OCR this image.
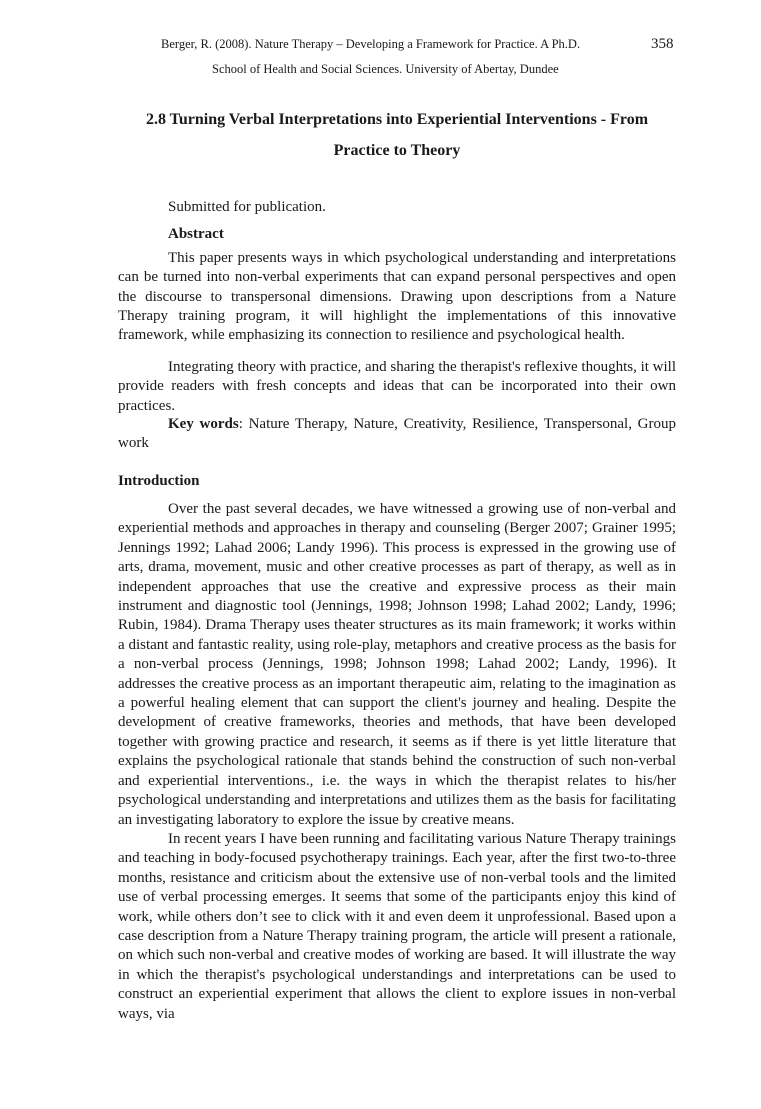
Berger, R. (2008). Nature Therapy – Developing a Framework for Practice. A Ph.D.	358
School of Health and Social Sciences. University of Abertay, Dundee
2.8 Turning Verbal Interpretations into Experiential Interventions - From
Practice to Theory
Submitted for publication.
Abstract

This paper presents ways in which psychological understanding and interpretations can be turned into non-verbal experiments that can expand personal perspectives and open the discourse to transpersonal dimensions. Drawing upon descriptions from a Nature Therapy training program, it will highlight the implementations of this innovative framework, while emphasizing its connection to resilience and psychological health.

Integrating theory with practice, and sharing the therapist's reflexive thoughts, it will provide readers with fresh concepts and ideas that can be incorporated into their own practices.

Key words: Nature Therapy, Nature, Creativity, Resilience, Transpersonal, Group work

Introduction

Over the past several decades, we have witnessed a growing use of non-verbal and experiential methods and approaches in therapy and counseling (Berger 2007; Grainer 1995; Jennings 1992; Lahad 2006; Landy 1996). This process is expressed in the growing use of arts, drama, movement, music and other creative processes as part of therapy, as well as in independent approaches that use the creative and expressive process as their main instrument and diagnostic tool (Jennings, 1998; Johnson 1998; Lahad 2002; Landy, 1996; Rubin, 1984). Drama Therapy uses theater structures as its main framework; it works within a distant and fantastic reality, using role-play, metaphors and creative process as the basis for a non-verbal process (Jennings, 1998; Johnson 1998; Lahad 2002; Landy, 1996). It addresses the creative process as an important therapeutic aim, relating to the imagination as a powerful healing element that can support the client's journey and healing. Despite the development of creative frameworks, theories and methods, that have been developed together with growing practice and research, it seems as if there is yet little literature that explains the psychological rationale that stands behind the construction of such non-verbal and experiential interventions., i.e. the ways in which the therapist relates to his/her psychological understanding and interpretations and utilizes them as the basis for facilitating an investigating laboratory to explore the issue by creative means.

In recent years I have been running and facilitating various Nature Therapy trainings and teaching in body-focused psychotherapy trainings. Each year, after the first two-to-three months, resistance and criticism about the extensive use of non-verbal tools and the limited use of verbal processing emerges. It seems that some of the participants enjoy this kind of work, while others don’t see to click with it and even deem it unprofessional. Based upon a case description from a Nature Therapy training program, the article will present a rationale, on which such non-verbal and creative modes of working are based. It will illustrate the way in which the therapist's psychological understandings and interpretations can be used to construct an experiential experiment that allows the client to explore issues in non-verbal ways, via
